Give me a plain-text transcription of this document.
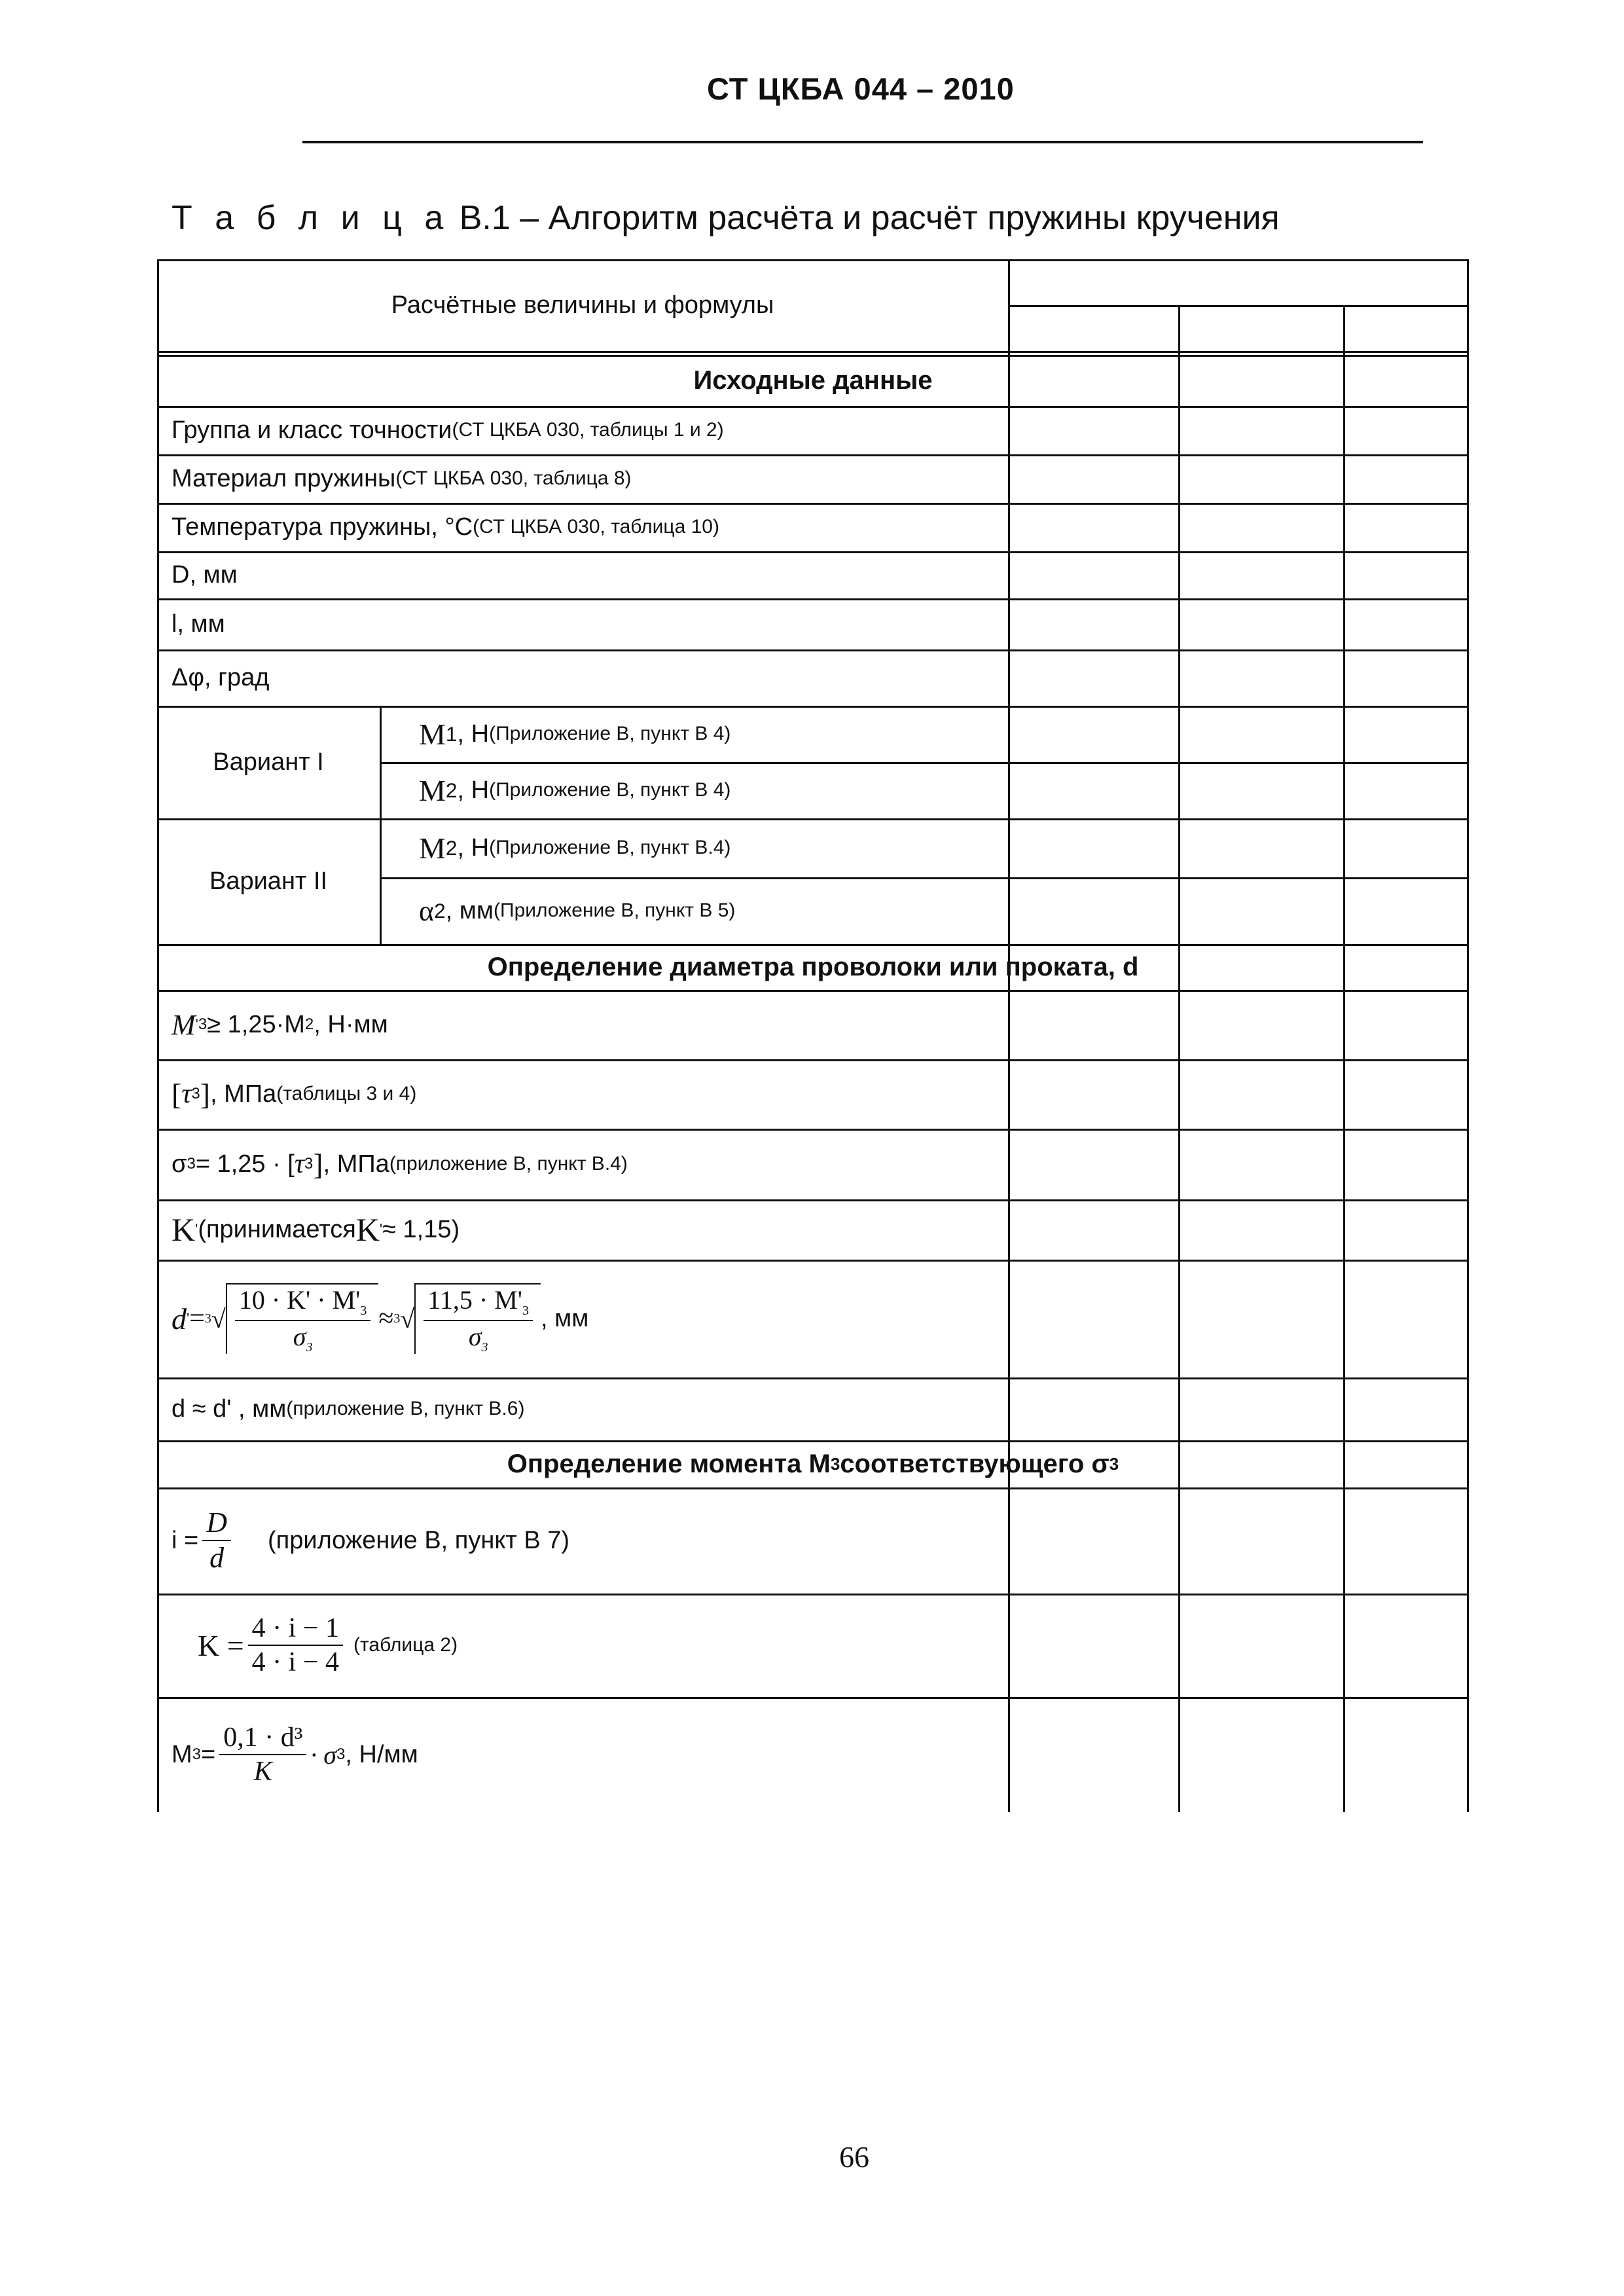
СТ ЦКБА 044 – 2010
Т а б л и ц а В.1 – Алгоритм расчёта и расчёт пружины кручения
Расчётные величины и формулы
Исходные данные
Группа и класс точности (СТ ЦКБА 030, таблицы 1 и 2)
Материал пружины (СТ ЦКБА 030, таблица 8)
Температура пружины, °С (СТ ЦКБА 030, таблица 10)
D, мм
l, мм
Δφ, град
Вариант I
M 1 , Н (Приложение В, пункт В 4)
M 2 , Н (Приложение В, пункт В 4)
Вариант II
M 2 , Н (Приложение В, пункт В.4)
α 2 , мм (Приложение В, пункт В 5)
Определение диаметра проволоки или проката, d
M ' 3 ≥ 1,25·M 2 , Н·мм
[ τ 3 ] , МПа (таблицы 3 и 4)
σ 3 = 1,25 · [ τ 3 ] , МПа (приложение В, пункт В.4)
K ' (принимается K ' ≈ 1,15)
d ' = 3 √ $\frac{10 \cdot K' \cdot M'_3}{\sigma_3} \approx 3$ √ $\frac{11,5 \cdot M'_3}{\sigma_3}$ , мм
d ≈ d' , мм (приложение В, пункт В.6)
Определение момента M 3 соответствующего σ 3
$i = \frac{D}{d}$ (приложение В, пункт В 7)
$K = \frac{4 \cdot i - 1}{4 \cdot i - 4}$ (таблица 2)
M $3 = \frac{\text{0,1 · d³}}{K} \cdot \sigma$ 3 , Н/мм
66
